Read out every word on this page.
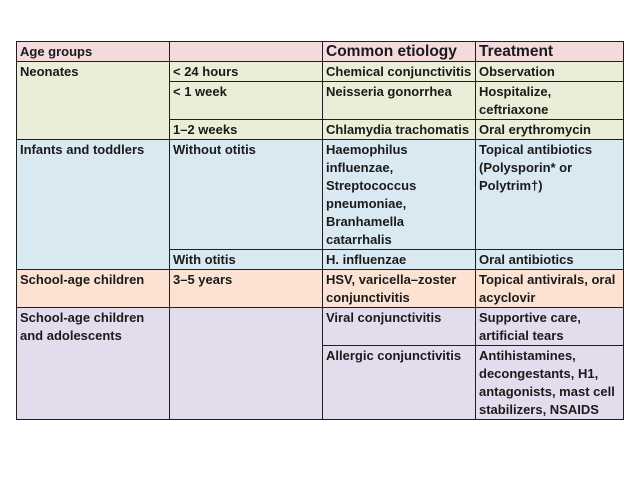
Age groups		Common etiology	Treatment
Neonates	< 24 hours	Chemical conjunctivitis	Observation
	< 1 week	Neisseria gonorrhea	Hospitalize, ceftriaxone
	1–2 weeks	Chlamydia trachomatis	Oral erythromycin
Infants and toddlers	Without otitis	Haemophilus influenzae, Streptococcus pneumoniae, Branhamella catarrhalis	Topical antibiotics (Polysporin* or Polytrim†)
	With otitis	H. influenzae	Oral antibiotics
School-age children	3–5 years	HSV, varicella–zoster conjunctivitis	Topical antivirals, oral acyclovir
School-age children and adolescents		Viral conjunctivitis	Supportive care, artificial tears
		Allergic conjunctivitis	Antihistamines, decongestants, H1, antagonists, mast cell stabilizers, NSAIDS
